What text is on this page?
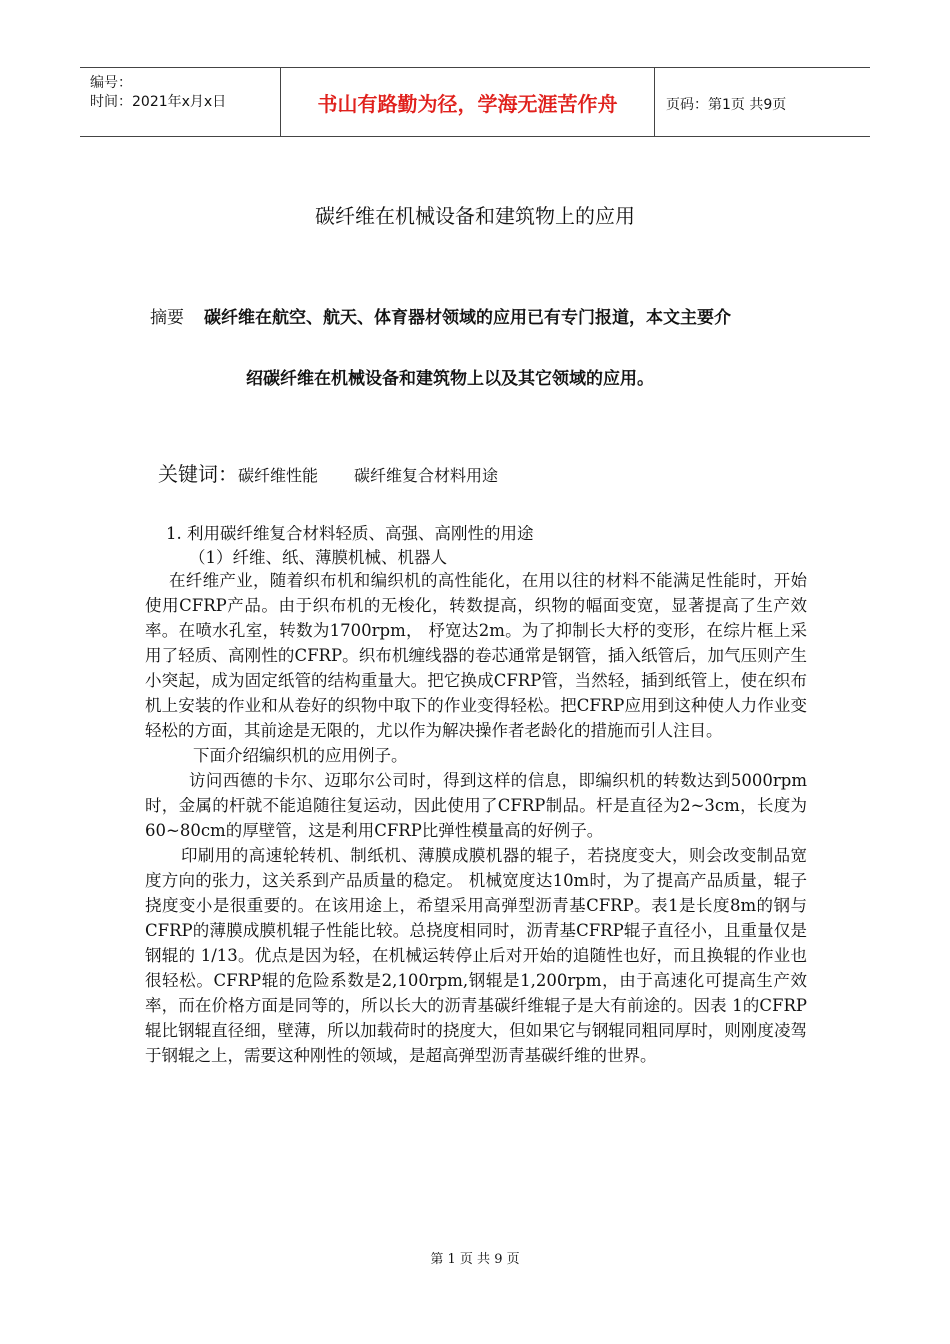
编号：
时间：2021年x月x日	书山有路勤为径，学海无涯苦作舟	页码：第1页 共9页
碳纤维在机械设备和建筑物上的应用
摘要 碳纤维在航空、航天、体育器材领域的应用已有专门报道，本文主要介
绍碳纤维在机械设备和建筑物上以及其它领域的应用。
关键词：碳纤维性能 碳纤维复合材料用途
1. 利用碳纤维复合材料轻质、高强、高刚性的用途
（1）纤维、纸、薄膜机械、机器人

在纤维产业，随着织布机和编织机的高性能化，在用以往的材料不能满足性能时，开始使用CFRP产品。由于织布机的无梭化，转数提高，织物的幅面变宽，显著提高了生产效率。在喷水孔室，转数为1700rpm， 杼宽达2m。为了抑制长大杼的变形，在综片框上采用了轻质、高刚性的CFRP。织布机缠线器的卷芯通常是钢管，插入纸管后，加气压则产生小突起，成为固定纸管的结构重量大。把它换成CFRP管，当然轻，插到纸管上，使在织布机上安装的作业和从卷好的织物中取下的作业变得轻松。把CFRP应用到这种使人力作业变轻松的方面，其前途是无限的，尤以作为解决操作者老龄化的措施而引人注目。

下面介绍编织机的应用例子。

访问西德的卡尔、迈耶尔公司时，得到这样的信息，即编织机的转数达到5000rpm时，金属的杆就不能追随往复运动，因此使用了CFRP制品。杆是直径为2~3cm，长度为60~80cm的厚壁管，这是利用CFRP比弹性模量高的好例子。

印刷用的高速轮转机、制纸机、薄膜成膜机器的辊子，若挠度变大，则会改变制品宽度方向的张力，这关系到产品质量的稳定。 机械宽度达10m时，为了提高产品质量，辊子挠度变小是很重要的。在该用途上，希望采用高弹型沥青基CFRP。表1是长度8m的钢与CFRP的薄膜成膜机辊子性能比较。总挠度相同时，沥青基CFRP辊子直径小，且重量仅是钢辊的 1/13。优点是因为轻，在机械运转停止后对开始的追随性也好，而且换辊的作业也很轻松。CFRP辊的危险系数是2,100rpm,钢辊是1,200rpm，由于高速化可提高生产效率，而在价格方面是同等的，所以长大的沥青基碳纤维辊子是大有前途的。因表 1的CFRP辊比钢辊直径细，壁薄，所以加载荷时的挠度大，但如果它与钢辊同粗同厚时，则刚度凌驾于钢辊之上，需要这种刚性的领域，是超高弹型沥青基碳纤维的世界。

第 1 页 共 9 页
